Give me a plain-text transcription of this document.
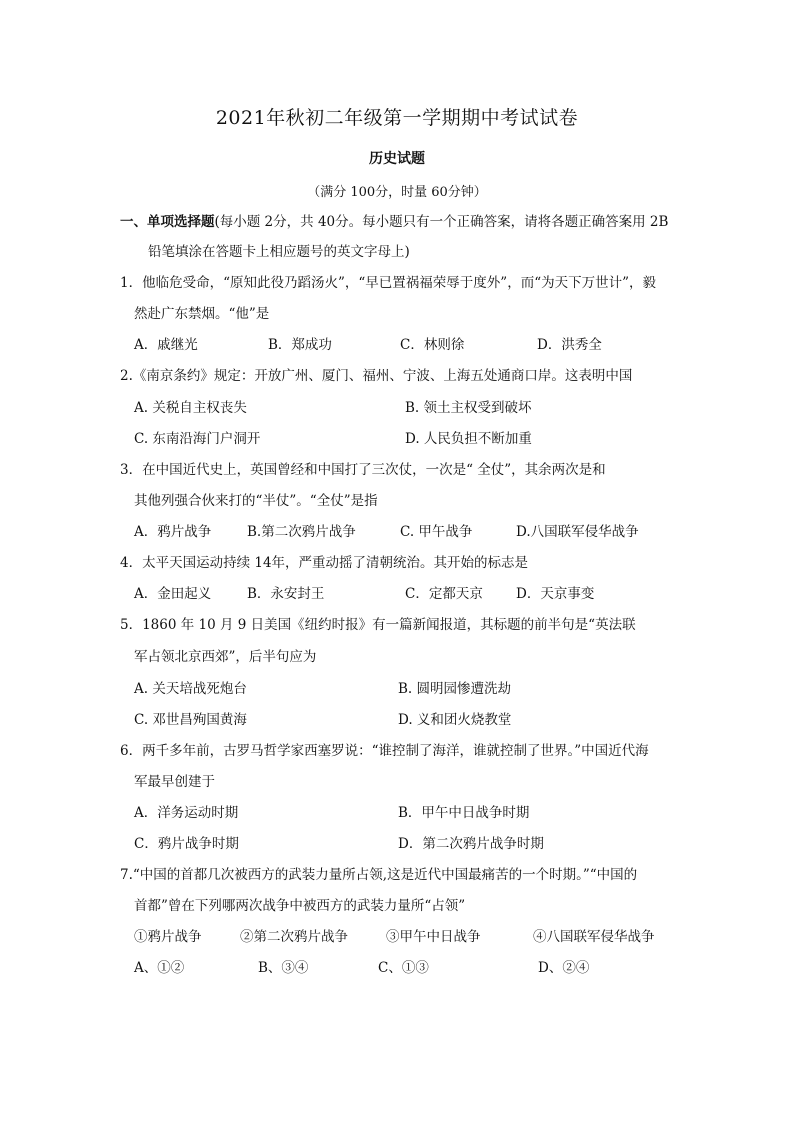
2021年秋初二年级第一学期期中考试试卷
历史试题
（满分 100分，时量 60分钟）
一、单项选择题(每小题 2分，共 40分。每小题只有一个正确答案，请将各题正确答案用 2B
铅笔填涂在答题卡上相应题号的英文字母上)
1．他临危受命，“原知此役乃蹈汤火”，“早已置祸福荣辱于度外”，而“为天下万世计”，毅
然赴广东禁烟。“他”是
A．戚继光	B．郑成功	C．林则徐	D．洪秀全
2.《南京条约》规定：开放广州、厦门、福州、宁波、上海五处通商口岸。这表明中国
A. 关税自主权丧失	B. 领土主权受到破坏
C. 东南沿海门户洞开	D. 人民负担不断加重
3．在中国近代史上，英国曾经和中国打了三次仗，一次是“ 全仗”，其余两次是和
其他列强合伙来打的“半仗”。“全仗”是指
A．鸦片战争	B.第二次鸦片战争	C. 甲午战争	D.八国联军侵华战争
4．太平天国运动持续 14年，严重动摇了清朝统治。其开始的标志是
A．金田起义	B．永安封王	C．定都天京 D．天京事变
5．1860 年 10 月 9 日美国《纽约时报》有一篇新闻报道，其标题的前半句是“英法联
军占领北京西郊”，后半句应为
A. 关天培战死炮台	B. 圆明园惨遭洗劫
C. 邓世昌殉国黄海	D. 义和团火烧教堂
6．两千多年前，古罗马哲学家西塞罗说：“谁控制了海洋，谁就控制了世界。”中国近代海
军最早创建于
A．洋务运动时期	B．甲午中日战争时期
C．鸦片战争时期	D．第二次鸦片战争时期
7.“中国的首都几次被西方的武装力量所占领,这是近代中国最痛苦的一个时期。”“中国的
首都”曾在下列哪两次战争中被西方的武装力量所“占领”
①鸦片战争	②第二次鸦片战争	③甲午中日战争	④八国联军侵华战争
A、①②	B、③④	C、①③	D、②④
